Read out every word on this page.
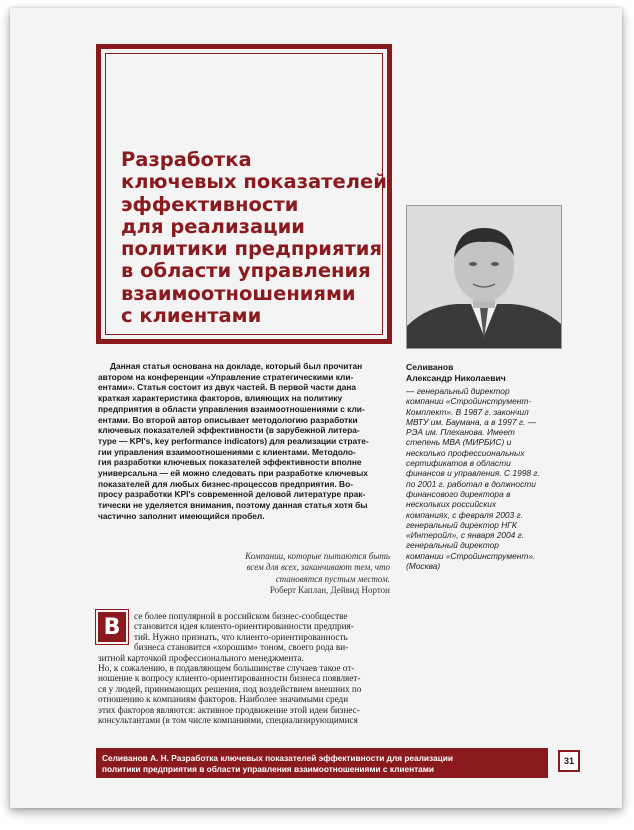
Разработка
ключевых показателей
эффективности
для реализации
политики предприятия
в области управления
взаимоотношениями
с клиентами
Данная статья основана на докладе, который был прочитан
автором на конференции «Управление стратегическими кли-
ентами». Статья состоит из двух частей. В первой части дана
краткая характеристика факторов, влияющих на политику
предприятия в области управления взаимоотношениями с кли-
ентами. Во второй автор описывает методологию разработки
ключевых показателей эффективности (в зарубежной литера-
туре — KPI's, key performance indicators) для реализации страте-
гии управления взаимоотношениями с клиентами. Методоло-
гия разработки ключевых показателей эффективности вполне
универсальна — ей можно следовать при разработке ключевых
показателей для любых бизнес-процессов предприятия. Во-
просу разработки KPI's современной деловой литературе прак-
тически не уделяется внимания, поэтому данная статья хотя бы
частично заполнит имеющийся пробел.
Компании, которые пытаются быть
всем для всех, заканчивают тем, что
становятся пустым местом.
Роберт Каплан, Дейвид Нортон
Селиванов
Александр Николаевич
— генеральный директор
компании «Стройинструмент-
Комплект». В 1987 г. закончил
МВТУ им. Баумана, а в 1997 г. —
РЭА им. Плеханова. Имеет
степень МВА (МИРБИС) и
несколько профессиональных
сертификатов в области
финансов и управления. С 1998 г.
по 2001 г. работал в должности
финансового директора в
нескольких российских
компаниях, с февраля 2003 г.
генеральный директор НГК
«Интеройл», с января 2004 г.
генеральный директор
компании «Стройинструмент».
(Москва)
В	се более популярной в российском бизнес-сообществе
становится идея клиенто-ориентированности предприя-
тий. Нужно признать, что клиенто-ориентированность
бизнеса становится «хорошим» тоном, своего рода ви-
зитной карточкой профессионального менеджмента.
Но, к сожалению, в подавляющем большинстве случаев такое от-
ношение к вопросу клиенто-ориентированности бизнеса появляет-
ся у людей, принимающих решения, под воздействием внешних по
отношению к компаниям факторов. Наиболее значимыми среди
этих факторов являются: активное продвижение этой идеи бизнес-
консультантами (в том числе компаниями, специализирующимися
Селиванов А. Н. Разработка ключевых показателей эффективности для реализации
политики предприятия в области управления взаимоотношениями с клиентами
31
